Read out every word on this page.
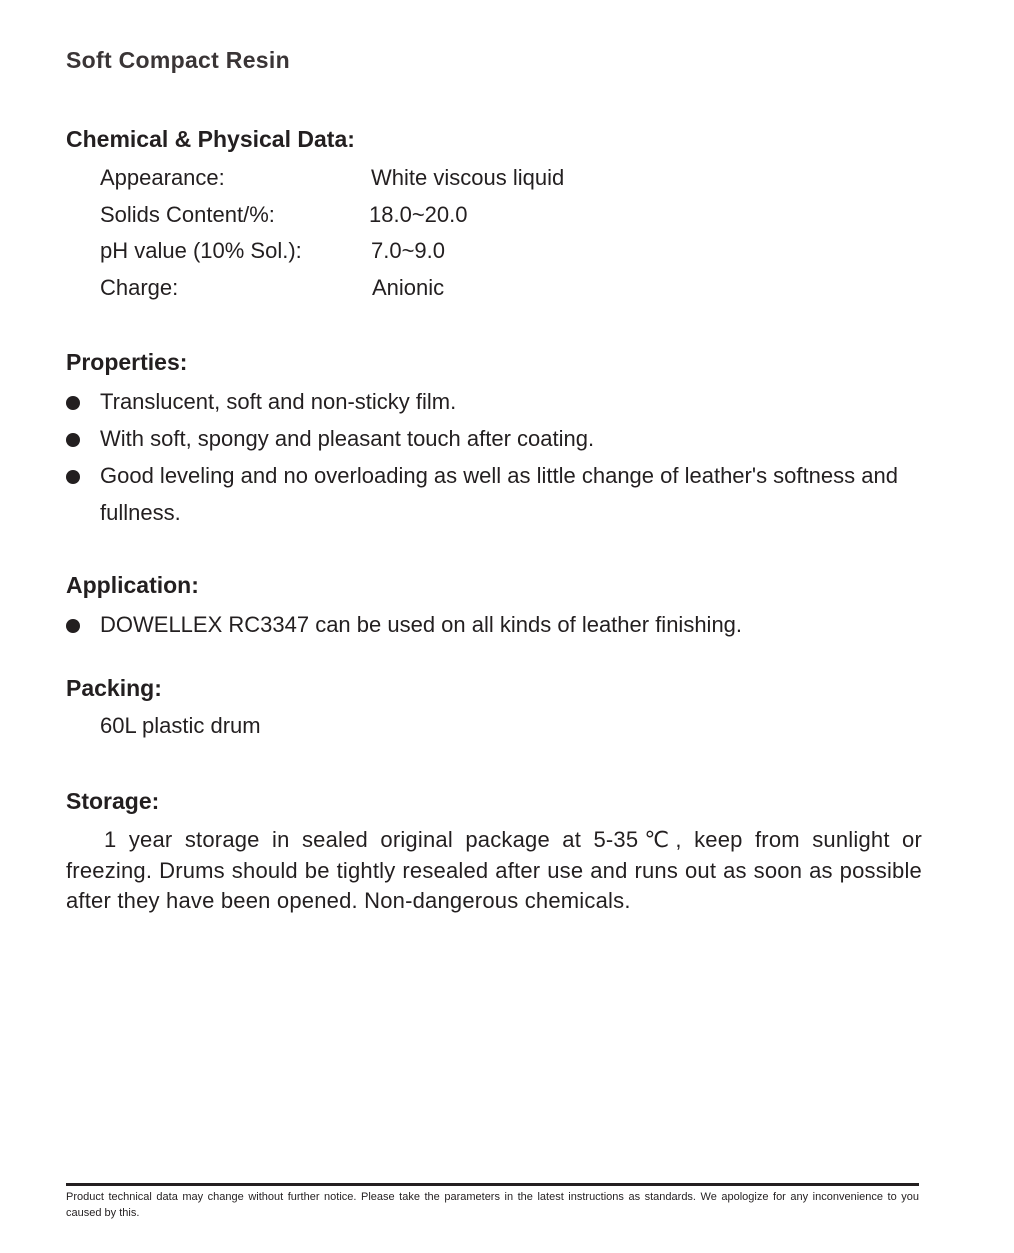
Soft Compact Resin
Chemical & Physical Data:
Appearance:	White viscous liquid
Solids Content/%:	18.0~20.0
pH value (10% Sol.):	7.0~9.0
Charge:	Anionic
Properties:
Translucent, soft and non-sticky film.
With soft, spongy and pleasant touch after coating.
Good leveling and no overloading as well as little change of leather's softness and fullness.
Application:
DOWELLEX RC3347 can be used on all kinds of leather finishing.
Packing:
60L plastic drum
Storage:
1 year storage in sealed original package at 5-35℃, keep from sunlight or freezing. Drums should be tightly resealed after use and runs out as soon as possible after they have been opened. Non-dangerous chemicals.
Product technical data may change without further notice. Please take the parameters in the latest instructions as standards. We apologize for any inconvenience to you caused by this.
